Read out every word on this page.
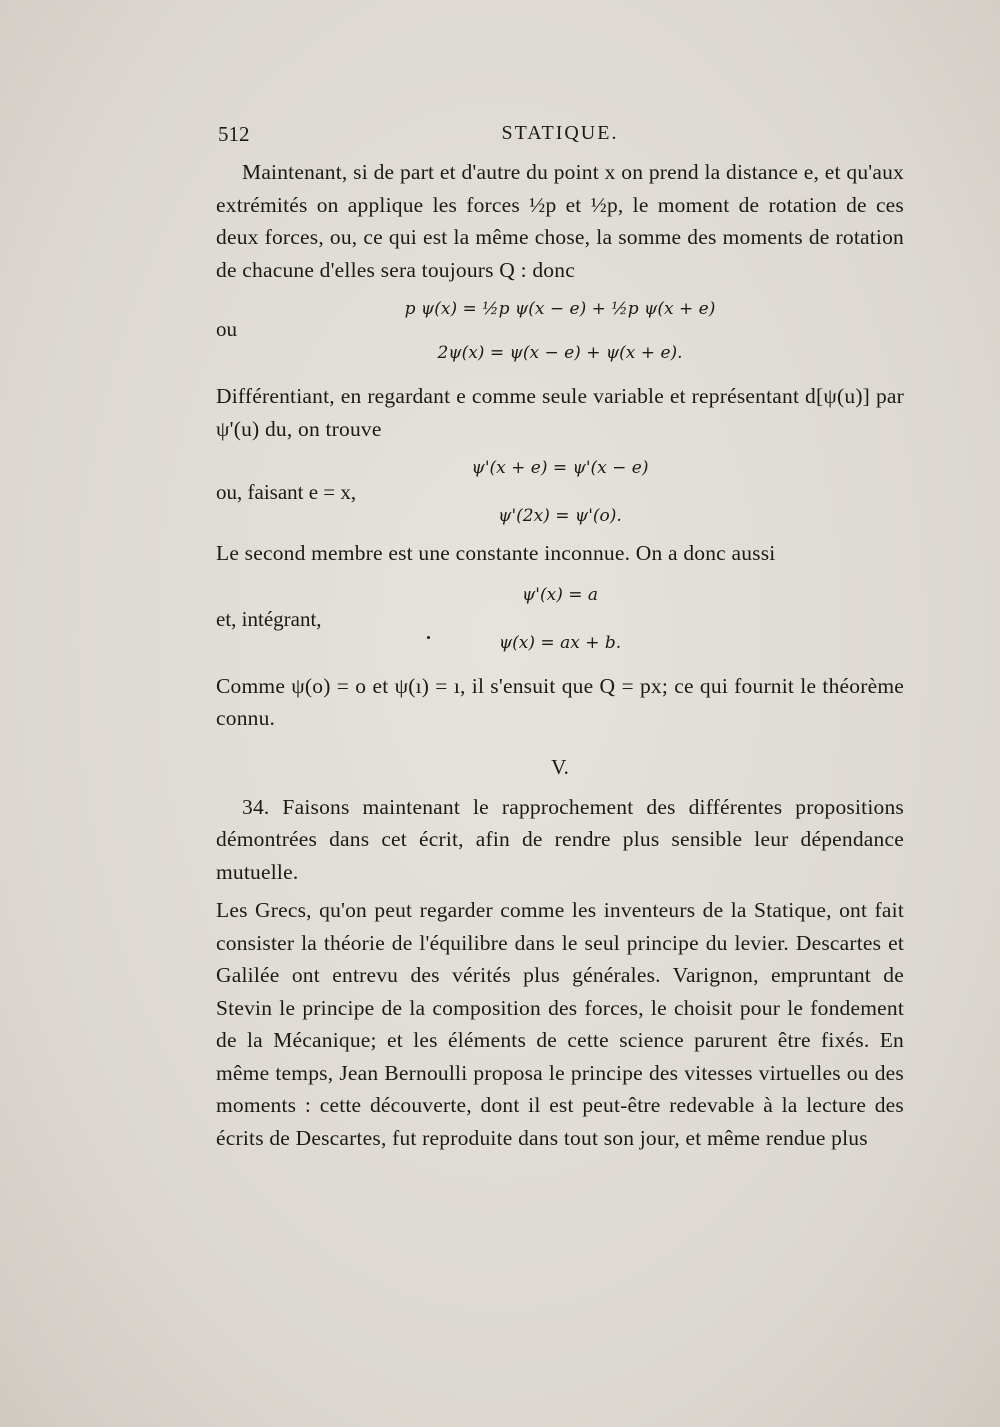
512	STATIQUE.

Maintenant, si de part et d'autre du point x on prend la distance e, et qu'aux extrémités on applique les forces ½p et ½p, le moment de rotation de ces deux forces, ou, ce qui est la même chose, la somme des moments de rotation de chacune d'elles sera toujours Q : donc

p ψ(x) = ½p ψ(x − e) + ½p ψ(x + e)
ou
2ψ(x) = ψ(x − e) + ψ(x + e).

Différentiant, en regardant e comme seule variable et représentant d[ψ(u)] par ψ'(u) du, on trouve

ψ'(x + e) = ψ'(x − e)
ou, faisant e = x,
ψ'(2x) = ψ'(o).

Le second membre est une constante inconnue. On a donc aussi

ψ'(x) = a
et, intégrant,
ψ(x) = ax + b.

Comme ψ(o) = o et ψ(ı) = ı, il s'ensuit que Q = px; ce qui fournit le théorème connu.

V.

34. Faisons maintenant le rapprochement des différentes propositions démontrées dans cet écrit, afin de rendre plus sensible leur dépendance mutuelle.

Les Grecs, qu'on peut regarder comme les inventeurs de la Statique, ont fait consister la théorie de l'équilibre dans le seul principe du levier. Descartes et Galilée ont entrevu des vérités plus générales. Varignon, empruntant de Stevin le principe de la composition des forces, le choisit pour le fondement de la Mécanique; et les éléments de cette science parurent être fixés. En même temps, Jean Bernoulli proposa le principe des vitesses virtuelles ou des moments : cette découverte, dont il est peut-être redevable à la lecture des écrits de Descartes, fut reproduite dans tout son jour, et même rendue plus
